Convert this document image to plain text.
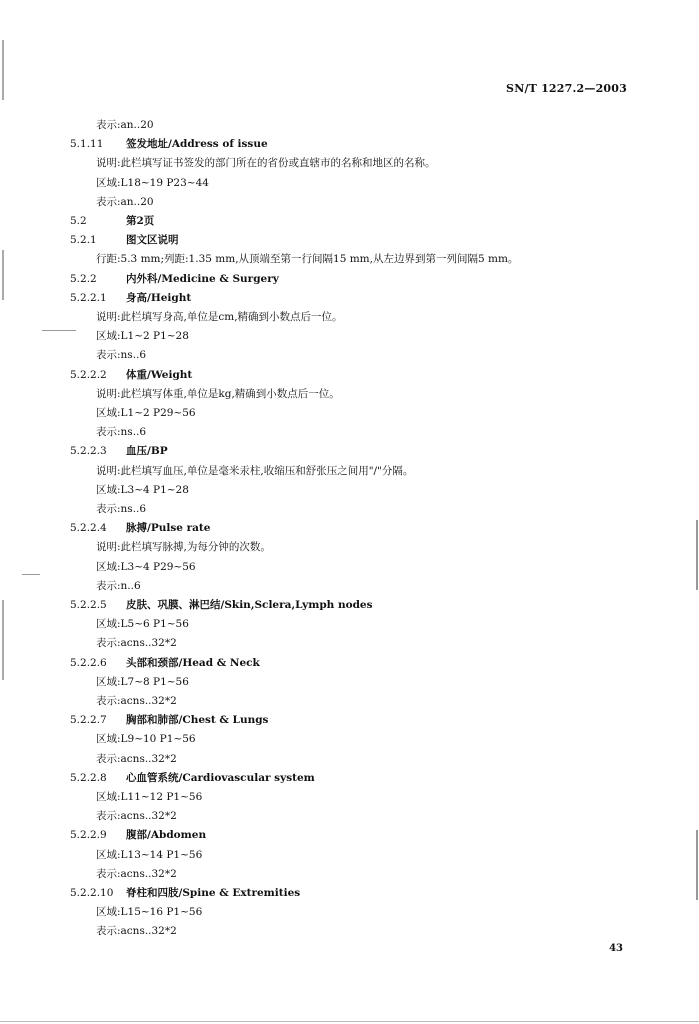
SN/T 1227.2—2003
表示:an..20
5.1.11 签发地址/Address of issue
说明:此栏填写证书签发的部门所在的省份或直辖市的名称和地区的名称。
区域:L18~19 P23~44
表示:an..20
5.2	第2页
5.2.1	图文区说明
行距:5.3 mm;列距:1.35 mm,从顶端至第一行间隔15 mm,从左边界到第一列间隔5 mm。
5.2.2	内外科/Medicine & Surgery
5.2.2.1 身高/Height
说明:此栏填写身高,单位是cm,精确到小数点后一位。
区域:L1~2 P1~28
表示:ns..6
5.2.2.2 体重/Weight
说明:此栏填写体重,单位是kg,精确到小数点后一位。
区域:L1~2 P29~56
表示:ns..6
5.2.2.3 血压/BP
说明:此栏填写血压,单位是毫米汞柱,收缩压和舒张压之间用"/"分隔。
区域:L3~4 P1~28
表示:ns..6
5.2.2.4 脉搏/Pulse rate
说明:此栏填写脉搏,为每分钟的次数。
区域:L3~4 P29~56
表示:n..6
5.2.2.5 皮肤、巩膜、淋巴结/Skin,Sclera,Lymph nodes
区域:L5~6 P1~56
表示:acns..32*2
5.2.2.6 头部和颈部/Head & Neck
区域:L7~8 P1~56
表示:acns..32*2
5.2.2.7 胸部和肺部/Chest & Lungs
区域:L9~10 P1~56
表示:acns..32*2
5.2.2.8 心血管系统/Cardiovascular system
区域:L11~12 P1~56
表示:acns..32*2
5.2.2.9 腹部/Abdomen
区域:L13~14 P1~56
表示:acns..32*2
5.2.2.10 脊柱和四肢/Spine & Extremities
区域:L15~16 P1~56
表示:acns..32*2
43
